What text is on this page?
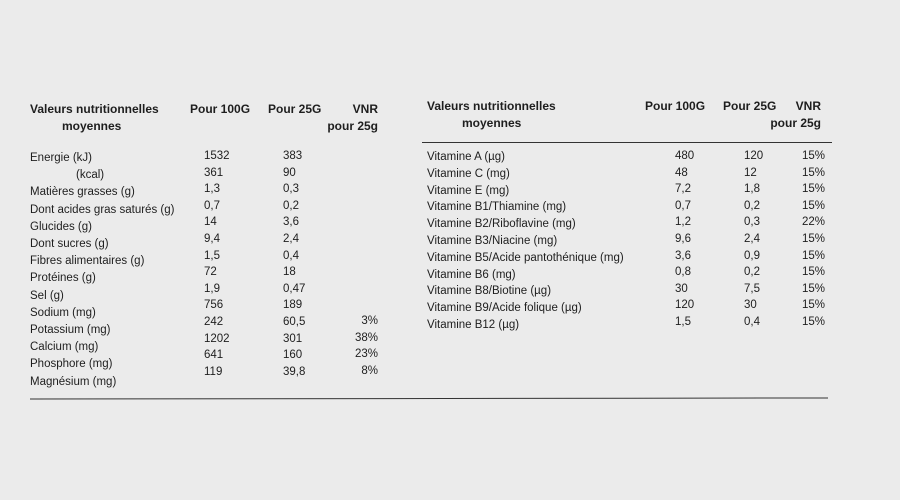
Valeurs nutritionnelles
moyennes
Pour 100G Pour 25G	VNR
pour 25g
Energie (kJ)
(kcal)
Matières grasses (g)
Dont acides gras saturés (g)
Glucides (g)
Dont sucres (g)
Fibres alimentaires (g)
Protéines (g)
Sel (g)
Sodium (mg)
Potassium (mg)
Calcium (mg)
Phosphore (mg)
Magnésium (mg)
1532
361
1,3
0,7
14
9,4
1,5
72
1,9
756
242
1202
641
119
383
90
0,3
0,2
3,6
2,4
0,4
18
0,47
189
60,5
301
160
39,8
3%
38%
23%
8%
Valeurs nutritionnelles
moyennes
Pour 100G Pour 25G	VNR
pour 25g
Vitamine A (µg)
Vitamine C (mg)
Vitamine E (mg)
Vitamine B1/Thiamine (mg)
Vitamine B2/Riboflavine (mg)
Vitamine B3/Niacine (mg)
Vitamine B5/Acide pantothénique (mg)
Vitamine B6 (mg)
Vitamine B8/Biotine (µg)
Vitamine B9/Acide folique (µg)
Vitamine B12 (µg)
480
48
7,2
0,7
1,2
9,6
3,6
0,8
30
120
1,5
120
12
1,8
0,2
0,3
2,4
0,9
0,2
7,5
30
0,4
15%
15%
15%
15%
22%
15%
15%
15%
15%
15%
15%
